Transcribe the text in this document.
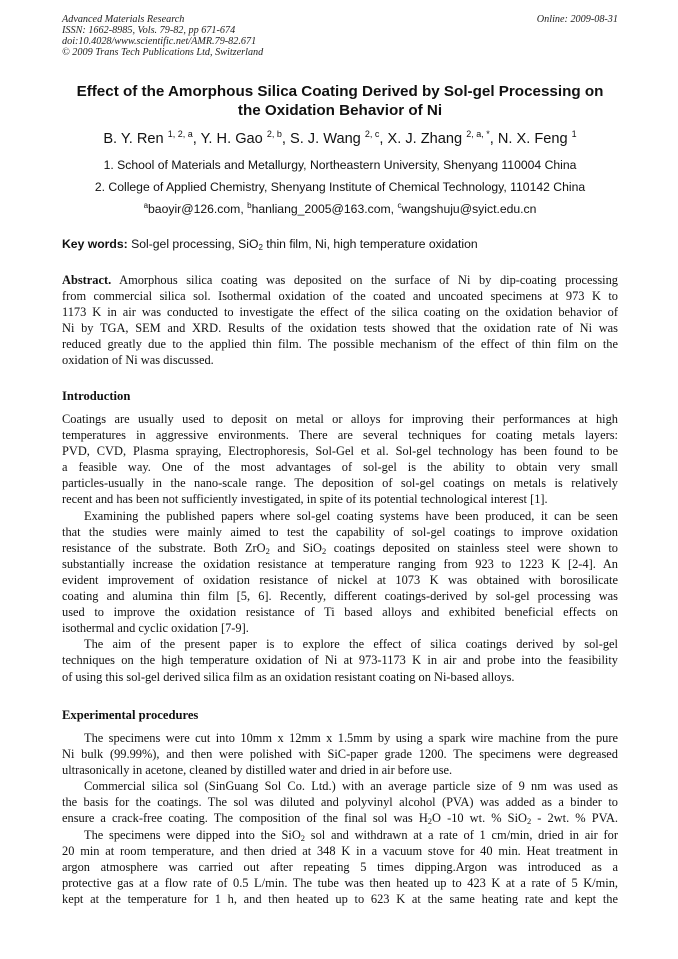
Advanced Materials Research
ISSN: 1662-8985, Vols. 79-82, pp 671-674
doi:10.4028/www.scientific.net/AMR.79-82.671
© 2009 Trans Tech Publications Ltd, Switzerland
Online: 2009-08-31
Effect of the Amorphous Silica Coating Derived by Sol-gel Processing on
the Oxidation Behavior of Ni
B. Y. Ren $^{1, 2, a}$, Y. H. Gao $^{2, b}$, S. J. Wang $^{2, c}$, X. J. Zhang $^{2, a, *}$, N. X. Feng $^1$
1. School of Materials and Metallurgy, Northeastern University, Shenyang 110004 China
2. College of Applied Chemistry, Shenyang Institute of Chemical Technology, 110142 China
$^a$baoyir@126.com, $^b$hanliang_2005@163.com, $^c$wangshuju@syict.edu.cn
Key words: Sol-gel processing, SiO$_2$ thin film, Ni, high temperature oxidation
Abstract. Amorphous silica coating was deposited on the surface of Ni by dip-coating processing
from commercial silica sol. Isothermal oxidation of the coated and uncoated specimens at 973 K to
1173 K in air was conducted to investigate the effect of the silica coating on the oxidation behavior of
Ni by TGA, SEM and XRD. Results of the oxidation tests showed that the oxidation rate of Ni was
reduced greatly due to the applied thin film. The possible mechanism of the effect of thin film on the
oxidation of Ni was discussed.
Introduction
Coatings are usually used to deposit on metal or alloys for improving their performances at high
temperatures in aggressive environments. There are several techniques for coating metals layers:
PVD, CVD, Plasma spraying, Electrophoresis, Sol-Gel et al. Sol-gel technology has been found to be
a feasible way. One of the most advantages of sol-gel is the ability to obtain very small
particles-usually in the nano-scale range. The deposition of sol-gel coatings on metals is relatively
recent and has been not sufficiently investigated, in spite of its potential technological interest [1].
Examining the published papers where sol-gel coating systems have been produced, it can be seen
that the studies were mainly aimed to test the capability of sol-gel coatings to improve oxidation
resistance of the substrate. Both ZrO$_2$ and SiO$_2$ coatings deposited on stainless steel were shown to
substantially increase the oxidation resistance at temperature ranging from 923 to 1223 K [2-4]. An
evident improvement of oxidation resistance of nickel at 1073 K was obtained with borosilicate
coating and alumina thin film [5, 6]. Recently, different coatings-derived by sol-gel processing was
used to improve the oxidation resistance of Ti based alloys and exhibited beneficial effects on
isothermal and cyclic oxidation [7-9].
The aim of the present paper is to explore the effect of silica coatings derived by sol-gel
techniques on the high temperature oxidation of Ni at 973-1173 K in air and probe into the feasibility
of using this sol-gel derived silica film as an oxidation resistant coating on Ni-based alloys.
Experimental procedures
The specimens were cut into 10mm x 12mm x 1.5mm by using a spark wire machine from the pure
Ni bulk (99.99%), and then were polished with SiC-paper grade 1200. The specimens were degreased
ultrasonically in acetone, cleaned by distilled water and dried in air before use.
Commercial silica sol (SinGuang Sol Co. Ltd.) with an average particle size of 9 nm was used as
the basis for the coatings. The sol was diluted and polyvinyl alcohol (PVA) was added as a binder to
ensure a crack-free coating. The composition of the final sol was $H_2O$ -10 wt. % SiO$_2$ - 2wt. % PVA.
The specimens were dipped into the SiO$_2$ sol and withdrawn at a rate of 1 cm/min, dried in air for
20 min at room temperature, and then dried at 348 K in a vacuum stove for 40 min. Heat treatment in
argon atmosphere was carried out after repeating 5 times dipping.Argon was introduced as a
protective gas at a flow rate of 0.5 L/min. The tube was then heated up to 423 K at a rate of 5 K/min,
kept at the temperature for 1 h, and then heated up to 623 K at the same heating rate and kept the
